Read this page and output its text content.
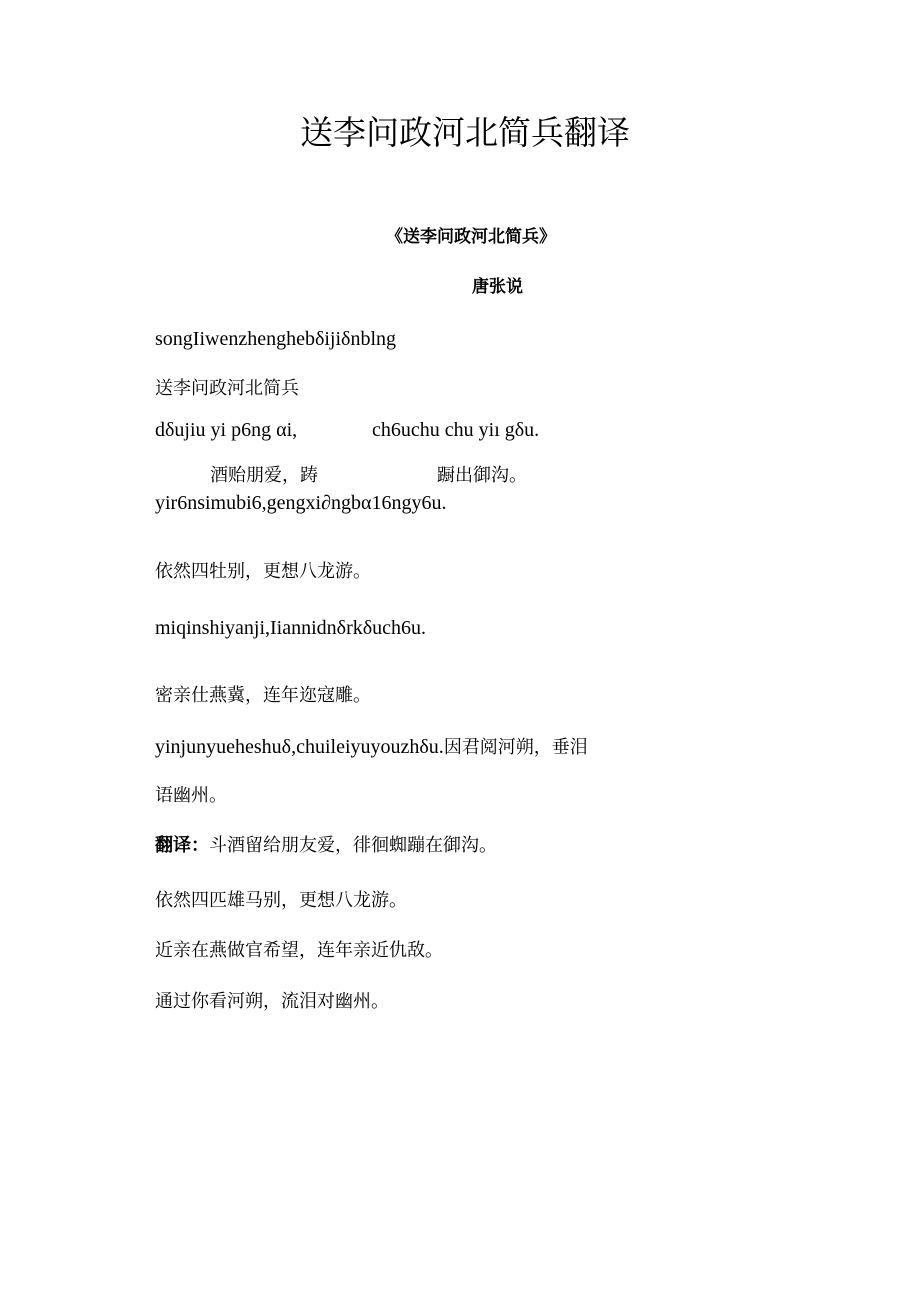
送李问政河北简兵翻译
《送李问政河北简兵》
唐张说
songIiwenzhenghebδijiδnblng
送李问政河北简兵
dδujiu yi p6ng αi,	ch6uchu chu yiı gδu.
酒贻朋爱，踌	蹰出御沟。
yir6nsimubi6,gengxi∂ngbα16ngy6u.
依然四牡别，更想八龙游。
miqinshiyanji,Iiannidnδrkδuch6u.
密亲仕燕冀，连年迩寇雕。
yinjunyueheshuδ,chuileiyuyouzhδu.因君阅河朔，垂泪
语幽州。
翻译：斗酒留给朋友爱，徘徊蜘蹦在御沟。
依然四匹雄马别，更想八龙游。
近亲在燕做官希望，连年亲近仇敌。
通过你看河朔，流泪对幽州。
